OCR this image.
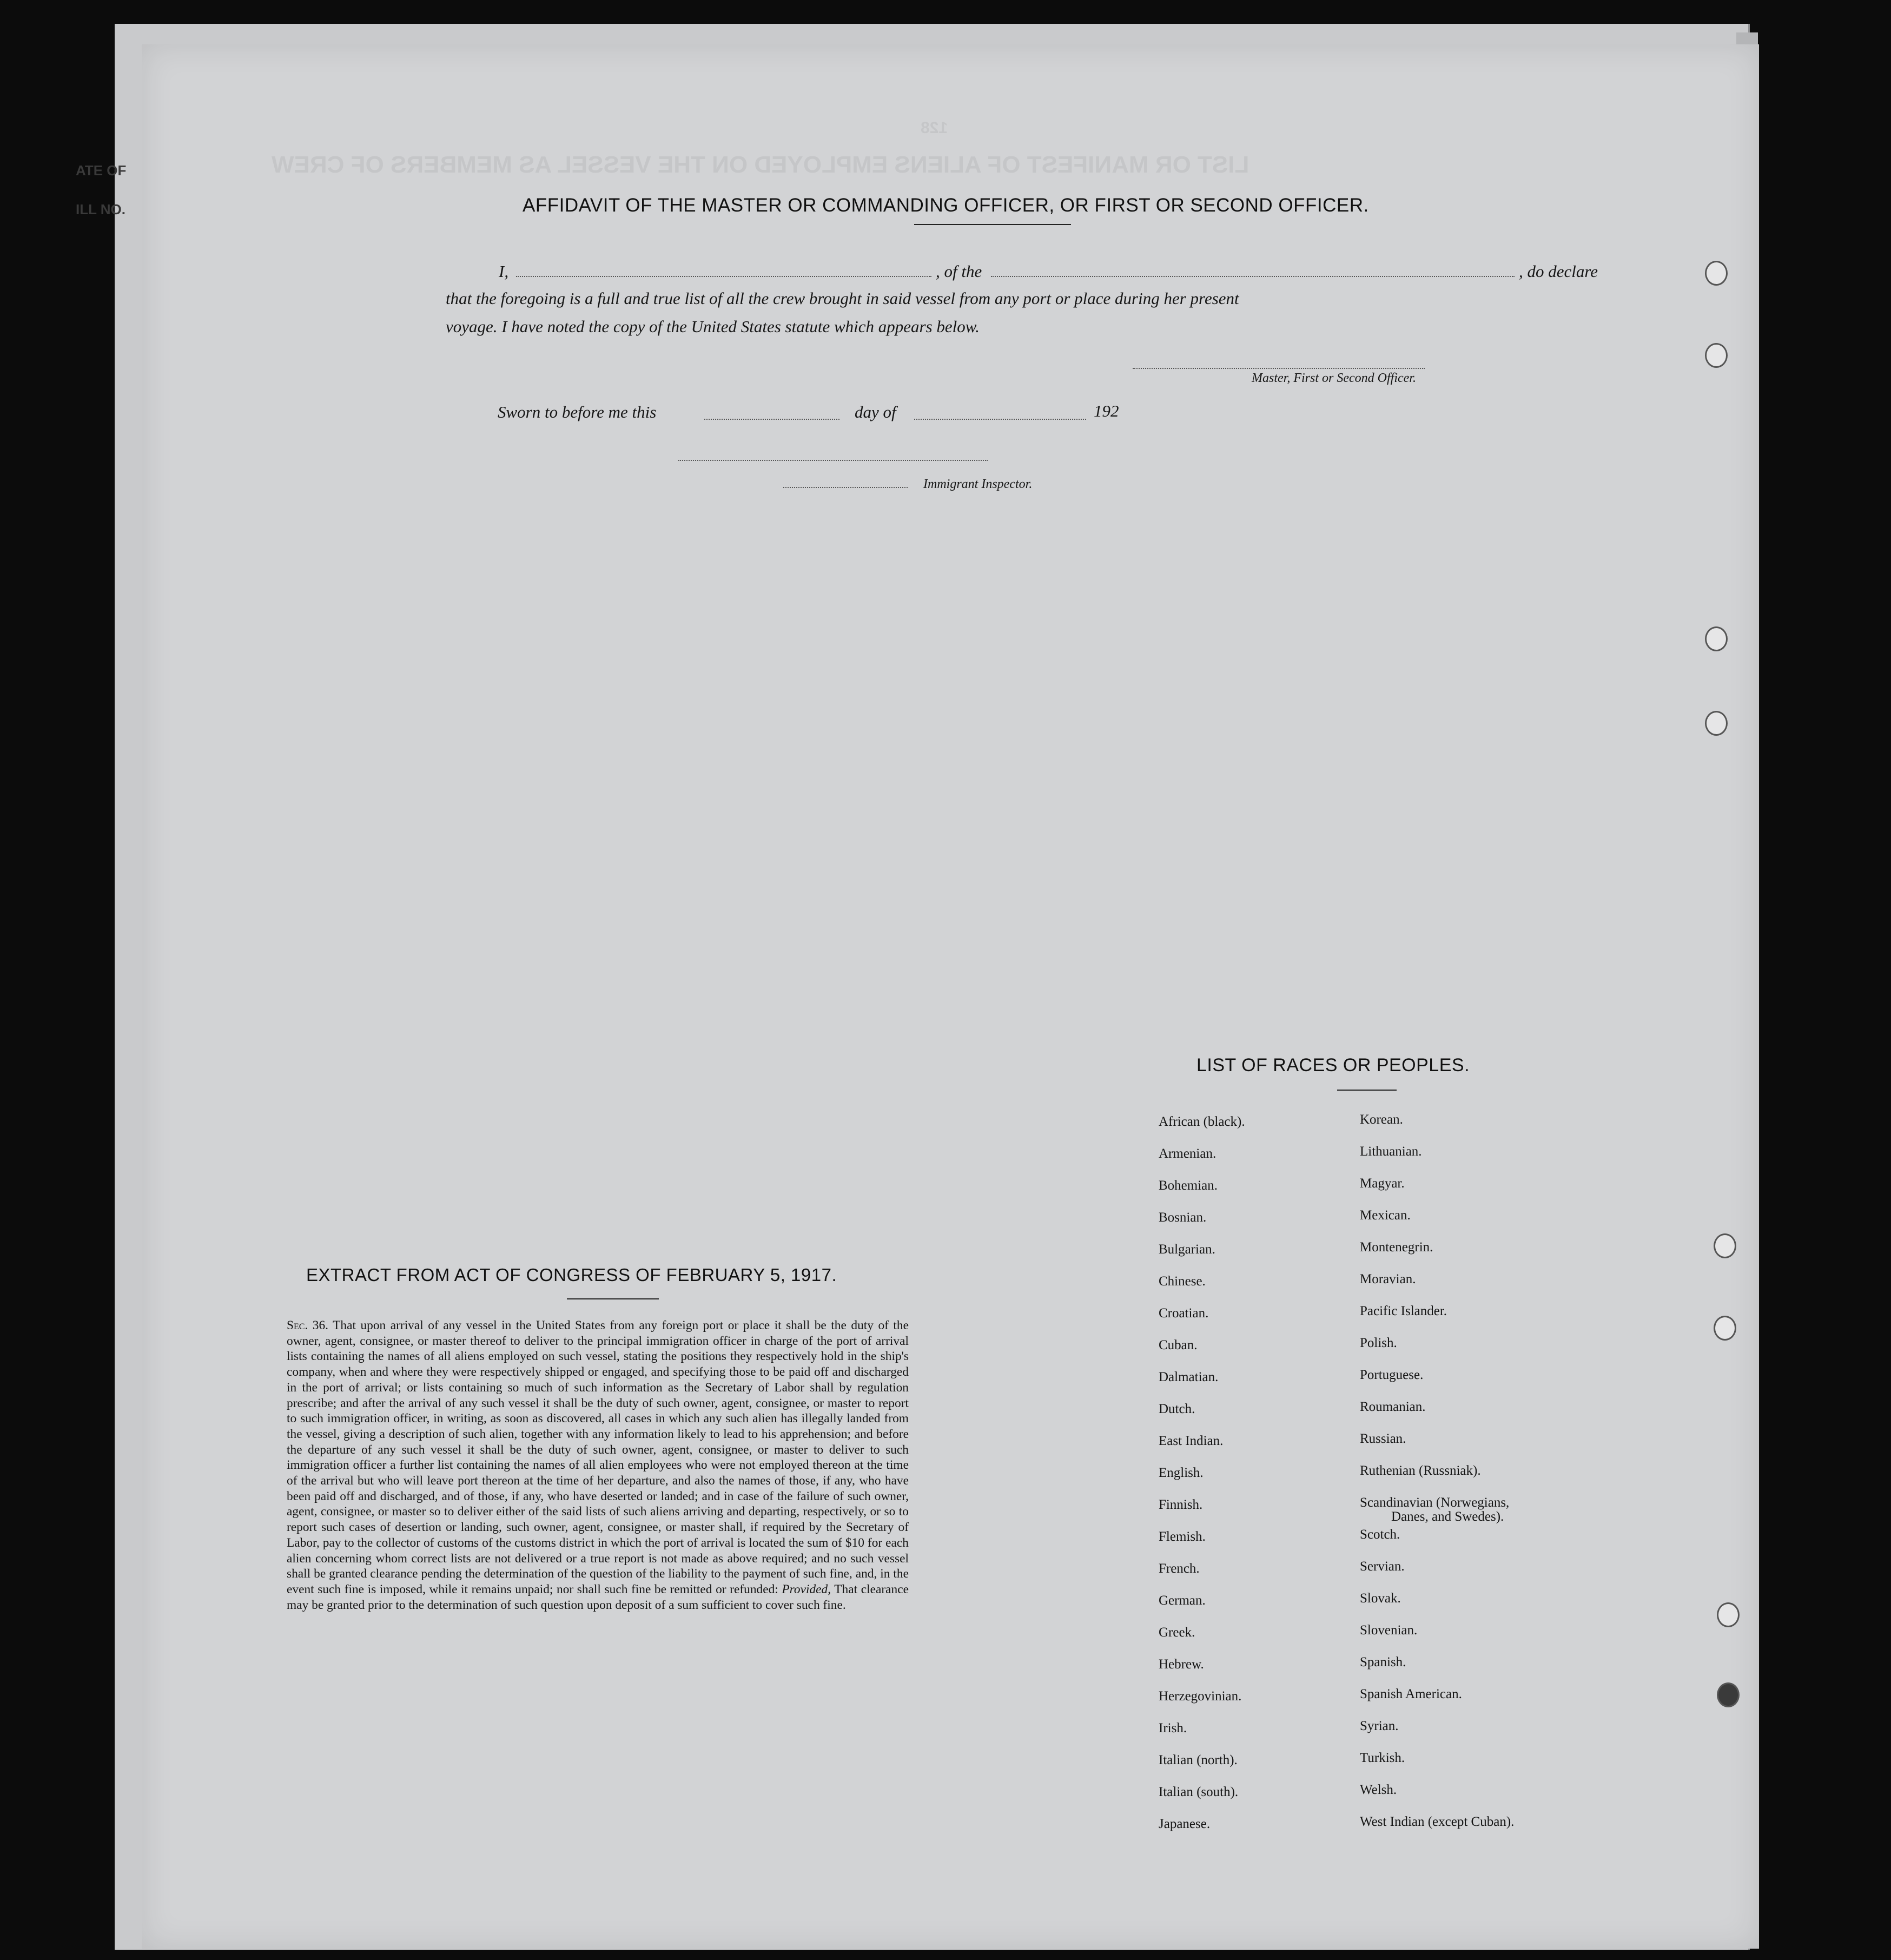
ATE OF
ILL NO.
LIST OR MANIFEST OF ALIENS EMPLOYED ON THE VESSEL AS MEMBERS OF CREW
128
AFFIDAVIT OF THE MASTER OR COMMANDING OFFICER, OR FIRST OR SECOND OFFICER.
I,	, of the	, do declare
that the foregoing is a full and true list of all the crew brought in said vessel from any port or place during her present
voyage. I have noted the copy of the United States statute which appears below.
Master, First or Second Officer.
Sworn to before me this	day of	192
Immigrant Inspector.
LIST OF RACES OR PEOPLES.
African (black).
Armenian.
Bohemian.
Bosnian.
Bulgarian.
Chinese.
Croatian.
Cuban.
Dalmatian.
Dutch.
East Indian.
English.
Finnish.
Flemish.
French.
German.
Greek.
Hebrew.
Herzegovinian.
Irish.
Italian (north).
Italian (south).
Japanese.
Korean.
Lithuanian.
Magyar.
Mexican.
Montenegrin.
Moravian.
Pacific Islander.
Polish.
Portuguese.
Roumanian.
Russian.
Ruthenian (Russniak).
Scandinavian (Norwegians,
Danes, and Swedes).
Scotch.
Servian.
Slovak.
Slovenian.
Spanish.
Spanish American.
Syrian.
Turkish.
Welsh.
West Indian (except Cuban).
EXTRACT FROM ACT OF CONGRESS OF FEBRUARY 5, 1917.
Sec. 36. That upon arrival of any vessel in the United States from any foreign port or place it shall be the duty of the owner, agent, consignee, or master thereof to deliver to the principal immigration officer in charge of the port of arrival lists containing the names of all aliens employed on such vessel, stating the positions they respectively hold in the ship's company, when and where they were respectively shipped or engaged, and specifying those to be paid off and discharged in the port of arrival; or lists containing so much of such information as the Secretary of Labor shall by regulation prescribe; and after the arrival of any such vessel it shall be the duty of such owner, agent, consignee, or master to report to such immigration officer, in writing, as soon as discovered, all cases in which any such alien has illegally landed from the vessel, giving a description of such alien, together with any information likely to lead to his apprehension; and before the departure of any such vessel it shall be the duty of such owner, agent, consignee, or master to deliver to such immigration officer a further list containing the names of all alien employees who were not employed thereon at the time of the arrival but who will leave port thereon at the time of her departure, and also the names of those, if any, who have been paid off and discharged, and of those, if any, who have deserted or landed; and in case of the failure of such owner, agent, consignee, or master so to deliver either of the said lists of such aliens arriving and departing, respectively, or so to report such cases of desertion or landing, such owner, agent, consignee, or master shall, if required by the Secretary of Labor, pay to the collector of customs of the customs district in which the port of arrival is located the sum of $10 for each alien concerning whom correct lists are not delivered or a true report is not made as above required; and no such vessel shall be granted clearance pending the determination of the question of the liability to the payment of such fine, and, in the event such fine is imposed, while it remains unpaid; nor shall such fine be remitted or refunded: Provided, That clearance may be granted prior to the determination of such question upon deposit of a sum sufficient to cover such fine.
